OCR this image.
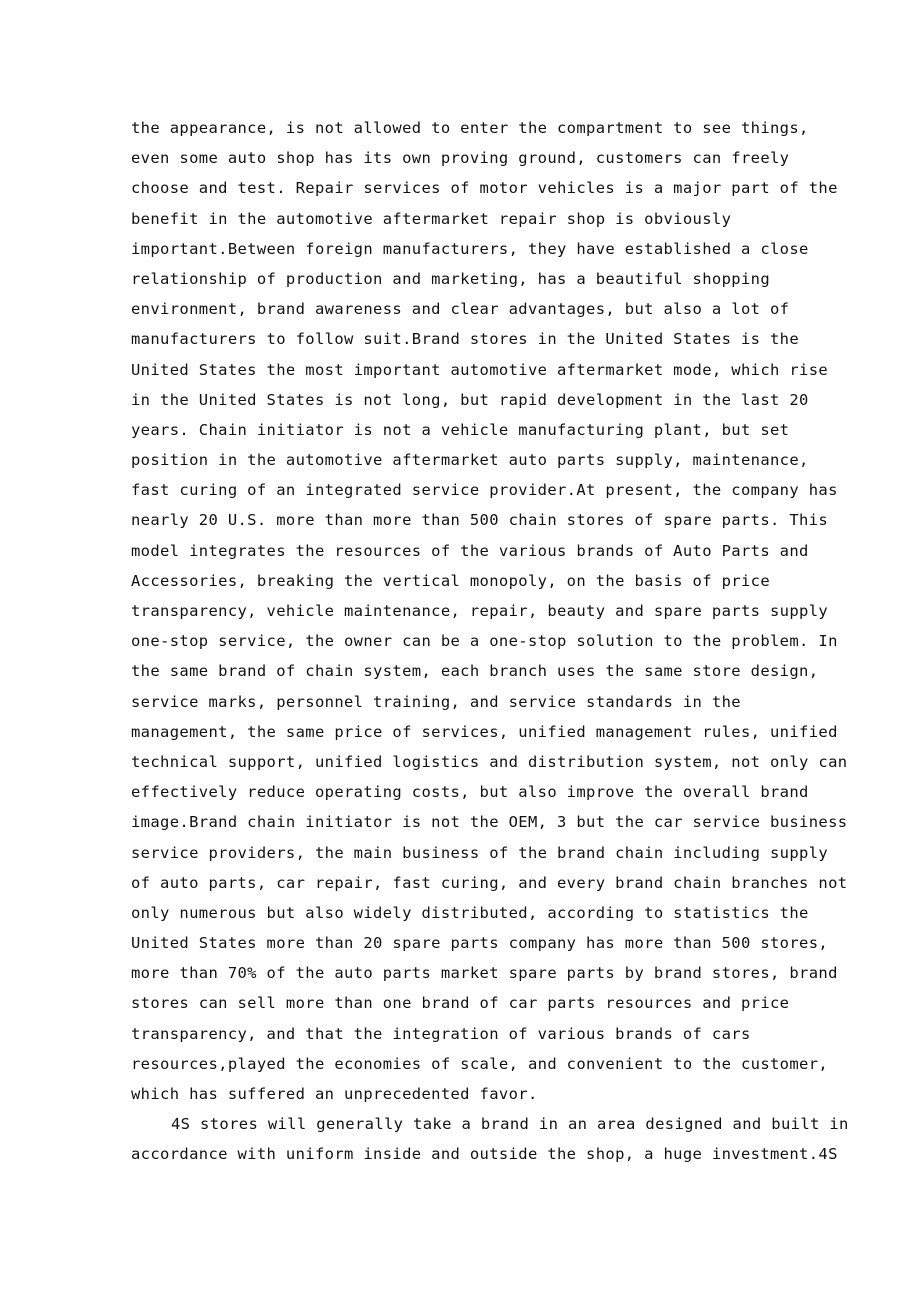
the appearance, is not allowed to enter the compartment to see things,
even some auto shop has its own proving ground, customers can freely
choose and test. Repair services of motor vehicles is a major part of the
benefit in the automotive aftermarket repair shop is obviously
important.Between foreign manufacturers, they have established a close
relationship of production and marketing, has a beautiful shopping
environment, brand awareness and clear advantages, but also a lot of
manufacturers to follow suit.Brand stores in the United States is the
United States the most important automotive aftermarket mode, which rise
in the United States is not long, but rapid development in the last 20
years. Chain initiator is not a vehicle manufacturing plant, but set
position in the automotive aftermarket auto parts supply, maintenance,
fast curing of an integrated service provider.At present, the company has
nearly 20 U.S. more than more than 500 chain stores of spare parts. This
model integrates the resources of the various brands of Auto Parts and
Accessories, breaking the vertical monopoly, on the basis of price
transparency, vehicle maintenance, repair, beauty and spare parts supply
one-stop service, the owner can be a one-stop solution to the problem. In
the same brand of chain system, each branch uses the same store design,
service marks, personnel training, and service standards in the
management, the same price of services, unified management rules, unified
technical support, unified logistics and distribution system, not only can
effectively reduce operating costs, but also improve the overall brand
image.Brand chain initiator is not the OEM, 3 but the car service business
service providers, the main business of the brand chain including supply
of auto parts, car repair, fast curing, and every brand chain branches not
only numerous but also widely distributed, according to statistics the
United States more than 20 spare parts company has more than 500 stores,
more than 70% of the auto parts market spare parts by brand stores, brand
stores can sell more than one brand of car parts resources and price
transparency, and that the integration of various brands of cars
resources,played the economies of scale, and convenient to the customer,
which has suffered an unprecedented favor.
4S stores will generally take a brand in an area designed and built in
accordance with uniform inside and outside the shop, a huge investment.4S
